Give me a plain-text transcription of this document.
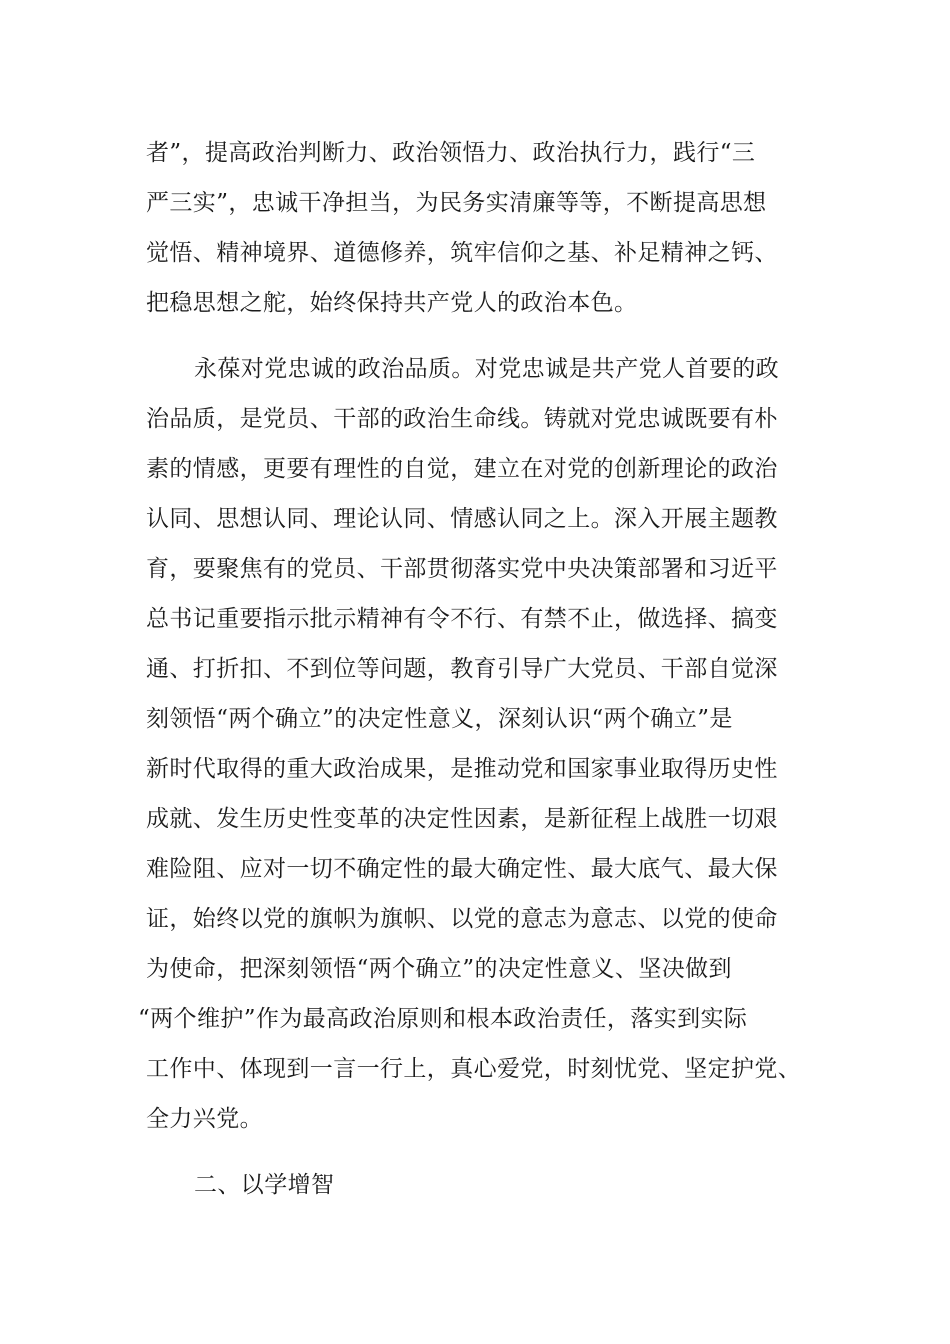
者”，提高政治判断力、政治领悟力、政治执行力，践行“三
严三实”，忠诚干净担当，为民务实清廉等等，不断提高思想
觉悟、精神境界、道德修养，筑牢信仰之基、补足精神之钙、
把稳思想之舵，始终保持共产党人的政治本色。
永葆对党忠诚的政治品质。对党忠诚是共产党人首要的政
治品质，是党员、干部的政治生命线。铸就对党忠诚既要有朴
素的情感，更要有理性的自觉，建立在对党的创新理论的政治
认同、思想认同、理论认同、情感认同之上。深入开展主题教
育，要聚焦有的党员、干部贯彻落实党中央决策部署和习近平
总书记重要指示批示精神有令不行、有禁不止，做选择、搞变
通、打折扣、不到位等问题，教育引导广大党员、干部自觉深
刻领悟“两个确立”的决定性意义，深刻认识“两个确立”是
新时代取得的重大政治成果，是推动党和国家事业取得历史性
成就、发生历史性变革的决定性因素，是新征程上战胜一切艰
难险阻、应对一切不确定性的最大确定性、最大底气、最大保
证，始终以党的旗帜为旗帜、以党的意志为意志、以党的使命
为使命，把深刻领悟“两个确立”的决定性意义、坚决做到
“两个维护”作为最高政治原则和根本政治责任，落实到实际
工作中、体现到一言一行上，真心爱党，时刻忧党、坚定护党、
全力兴党。
二、以学增智
